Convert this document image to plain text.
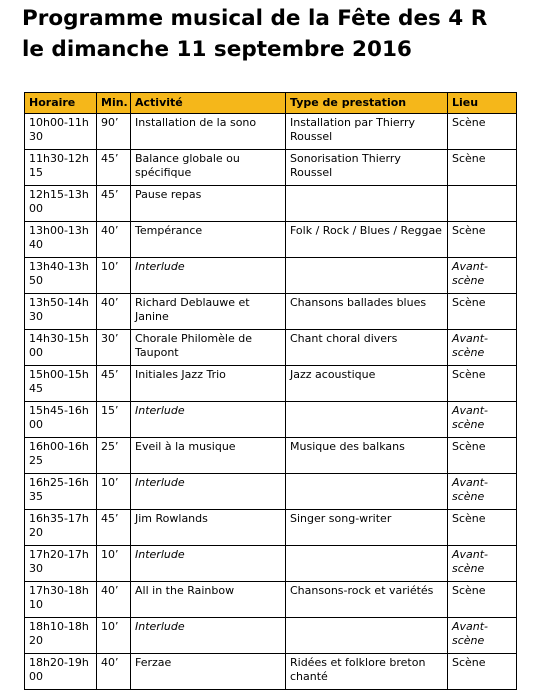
Programme musical de la Fête des 4 R
le dimanche 11 septembre 2016
Horaire	Min.	Activité	Type de prestation	Lieu
10h00-11h 30	90’	Installation de la sono	Installation par Thierry Roussel	Scène
11h30-12h 15	45’	Balance globale ou spécifique	Sonorisation Thierry Roussel	Scène
12h15-13h 00	45’	Pause repas		
13h00-13h 40	40’	Tempérance	Folk / Rock / Blues / Reggae	Scène
13h40-13h 50	10’	Interlude		Avant-scène
13h50-14h 30	40’	Richard Deblauwe et Janine	Chansons ballades blues	Scène
14h30-15h 00	30’	Chorale Philomèle de Taupont	Chant choral divers	Avant-scène
15h00-15h 45	45’	Initiales Jazz Trio	Jazz acoustique	Scène
15h45-16h 00	15’	Interlude		Avant-scène
16h00-16h 25	25’	Eveil à la musique	Musique des balkans	Scène
16h25-16h 35	10’	Interlude		Avant-scène
16h35-17h 20	45’	Jim Rowlands	Singer song-writer	Scène
17h20-17h 30	10’	Interlude		Avant-scène
17h30-18h 10	40’	All in the Rainbow	Chansons-rock et variétés	Scène
18h10-18h 20	10’	Interlude		Avant-scène
18h20-19h 00	40’	Ferzae	Ridées et folklore breton chanté	Scène
